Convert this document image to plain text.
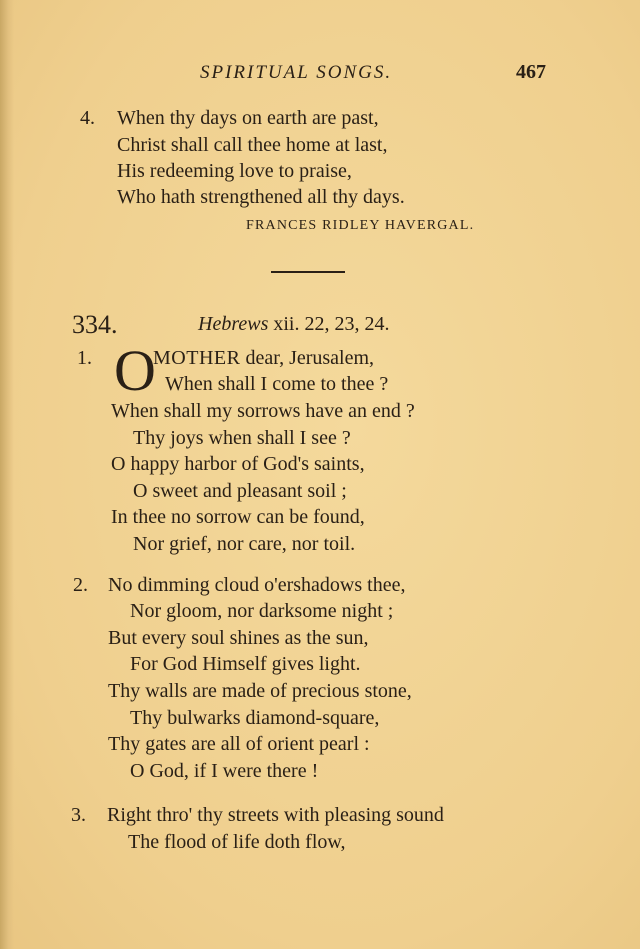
SPIRITUAL SONGS.	467
4. When thy days on earth are past,
Christ shall call thee home at last,
His redeeming love to praise,
Who hath strengthened all thy days.
FRANCES RIDLEY HAVERGAL.
334.	Hebrews xii. 22, 23, 24.
1. O
MOTHER dear, Jerusalem,
When shall I come to thee ?
When shall my sorrows have an end ?
Thy joys when shall I see ?
O happy harbor of God's saints,
O sweet and pleasant soil ;
In thee no sorrow can be found,
Nor grief, nor care, nor toil.
2. No dimming cloud o'ershadows thee,
Nor gloom, nor darksome night ;
But every soul shines as the sun,
For God Himself gives light.
Thy walls are made of precious stone,
Thy bulwarks diamond-square,
Thy gates are all of orient pearl :
O God, if I were there !
3. Right thro' thy streets with pleasing sound
The flood of life doth flow,
